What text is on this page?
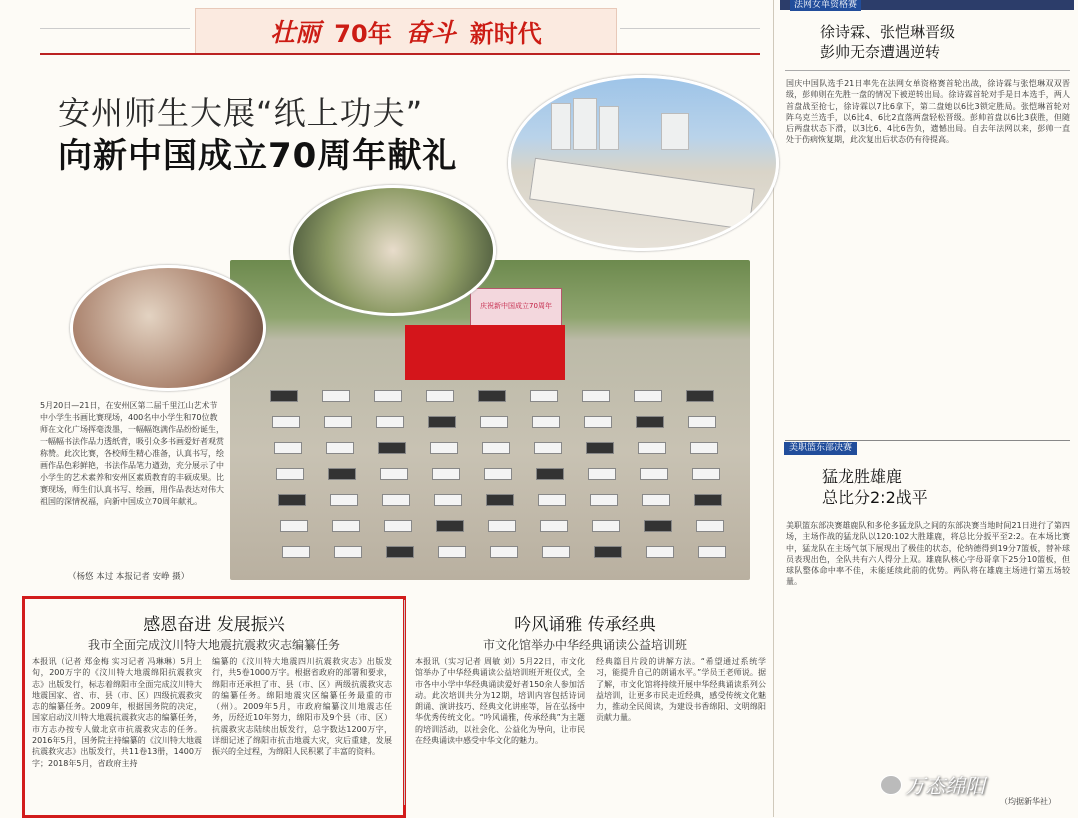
壮丽 70年 奋斗 新时代
安州师生大展“纸上功夫”
向新中国成立70周年献礼
庆祝新中国成立70周年
5月20日—21日，在安州区第二届千里江山艺术节中小学生书画比赛现场，400名中小学生和70位教师在文化广场挥毫泼墨，一幅幅饱满作品纷纷诞生，一幅幅书法作品力透纸背，吸引众多书画爱好者观赏称赞。此次比赛，各校师生精心准备，认真书写，绘画作品色彩鲜艳，书法作品笔力遒劲，充分展示了中小学生的艺术素养和安州区素质教育的丰硕成果。比赛现场，师生们认真书写、绘画，用作品表达对伟大祖国的深情祝福，向新中国成立70周年献礼。
（杨悠 本过 本报记者 安峥 摄）
感恩奋进 发展振兴
我市全面完成汶川特大地震抗震救灾志编纂任务
本报讯（记者 郑金梅 实习记者 冯琳琳）5月上旬，200万字的《汶川特大地震绵阳抗震救灾志》出版发行，标志着绵阳市全面完成汶川特大地震国家、省、市、县（市、区）四级抗震救灾志的编纂任务。2009年，根据国务院的决定，国家启动汶川特大地震抗震救灾志的编纂任务，市方志办按专人做北京市抗震救灾志的任务。2016年5月，国务院主持编纂的《汶川特大地震抗震救灾志》出版发行，共11卷13册，1400万字；2018年5月，省政府主持
编纂的《汶川特大地震四川抗震救灾志》出版发行，共5卷1000万字。根据省政府的部署和要求，绵阳市还承担了市、县（市、区）两级抗震救灾志的编纂任务。绵阳地震灾区编纂任务最重的市（州）。2009年5月，市政府编纂汶川地震志任务，历经近10年努力，绵阳市及9个县（市、区）抗震救灾志陆续出版发行，总字数达1200万字，详细记述了绵阳市抗击地震大灾，灾后重建，发展振兴的全过程，为绵阳人民积累了丰富的资料。
吟风诵雅 传承经典
市文化馆举办中华经典诵读公益培训班
本报讯（实习记者 周敏 刘）5月22日，市文化馆举办了中华经典诵读公益培训班开班仪式，全市各中小学中华经典诵读爱好者150余人参加活动。此次培训共分为12期，培训内容包括诗词朗诵、演讲技巧、经典文化讲座等，旨在弘扬中华优秀传统文化。“吟风诵雅，传承经典”为主题的培训活动，以社会化、公益化为导向，让市民在经典诵读中感受中华文化的魅力。
经典篇目片段的讲解方法。“希望通过系统学习，能提升自己的朗诵水平。”学员王老师说。据了解，市文化馆将持续开展中华经典诵读系列公益培训，让更多市民走近经典，感受传统文化魅力，推动全民阅读，为建设书香绵阳、文明绵阳贡献力量。
法网女单资格赛
徐诗霖、张恺琳晋级
彭帅无奈遭遇逆转
国庆中国队选手21日率先在法网女单资格赛首轮出战，徐诗霖与张恺琳双双晋级，彭帅则在先胜一盘的情况下被逆转出局。徐诗霖首轮对手是日本选手，两人首盘战至抢七，徐诗霖以7比6拿下，第二盘她以6比3锁定胜局。张恺琳首轮对阵乌克兰选手，以6比4、6比2直落两盘轻松晋级。彭帅首盘以6比3获胜，但随后两盘状态下滑，以3比6、4比6告负，遗憾出局。自去年法网以来，彭帅一直处于伤病恢复期，此次复出后状态仍有待提高。
美职篮东部决赛
猛龙胜雄鹿
总比分2:2战平
美职篮东部决赛雄鹿队和多伦多猛龙队之间的东部决赛当地时间21日进行了第四场，主场作战的猛龙队以120:102大胜雄鹿，将总比分扳平至2:2。在本场比赛中，猛龙队在主场气氛下展现出了极佳的状态，伦纳德得到19分7篮板，替补球员表现出色，全队共有六人得分上双。雄鹿队核心字母哥拿下25分10篮板，但球队整体命中率不佳，未能延续此前的优势。两队将在雄鹿主场进行第五场较量。
（均据新华社）
万态绵阳
